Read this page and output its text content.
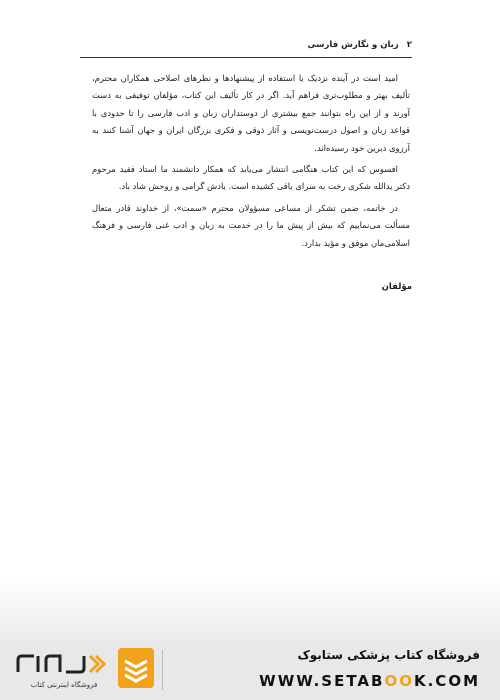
۲
زبان و نگارش فارسی

امید است در آینده نزدیک با استفاده از پیشنهادها و نظرهای اصلاحی همکاران محترم، تألیف بهتر و مطلوب‌تری فراهم آید. اگر در کار تألیف این کتاب، مؤلفان توفیقی به دست آورند و از این راه بتوانند جمع بیشتری از دوستداران زبان و ادب فارسی را تا حدودی با قواعد زبان و اصول درست‌نویسی و آثار ذوقی و فکری بزرگان ایران و جهان آشنا کنند به آرزوی دیرین خود رسیده‌اند.

افسوس که این کتاب هنگامی انتشار می‌یابد که همکار دانشمند ما استاد فقید مرحوم دکتر یدالله شکری رخت به سرای باقی کشیده است. یادش گرامی و روحش شاد باد.

در خاتمه، ضمن تشکر از مساعی مسؤولان محترم «سمت»، از خداوند قادر متعال مسألت می‌نماییم که بیش از پیش ما را در خدمت به زبان و ادب غنی فارسی و فرهنگ اسلامی‌مان موفق و مؤید بدارد.

مؤلفان
فروشگاه اینترنتی کتاب
فروشگاه کتاب پزشکی ستابوک
WWW.SETABOOK.COM
